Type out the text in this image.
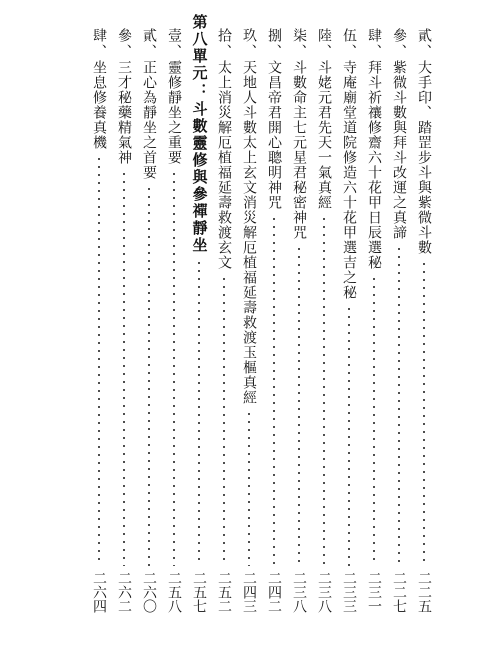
貳
、
大手印、踏罡步斗與紫微斗數
二二五
參
、
紫微斗數與拜斗改運之真諦
二二七
肆
、
拜斗祈禳修齋六十花甲日辰選秘
二三一
伍
、
寺庵廟堂道院修造六十花甲選吉之秘
二三三
陸
、
斗姥元君先天一氣真經
二三八
柒
、
斗數命主七元星君秘密神咒
二三八
捌
、
文昌帝君開心聰明神咒
二四二
玖
、
天地人斗數太上玄文消災解厄植福延壽救渡玉樞真經
二四三
拾
、
太上消災解厄植福延壽救渡玄文
二五二
第八單元
：
斗數靈修與參禪靜坐
二五七
壹
、
靈修靜坐之重要
二五八
貳
、
正心為靜坐之首要
二六〇
參
、
三才秘藥精氣神
二六二
肆
、
坐息修養真機
二六四
